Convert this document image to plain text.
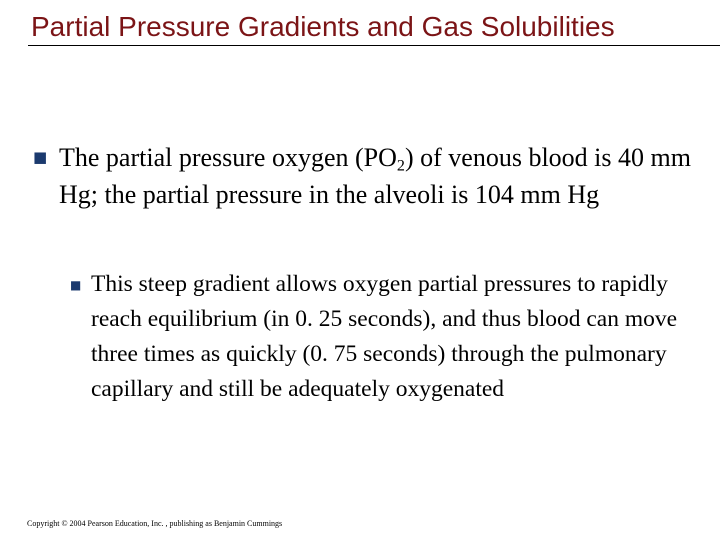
Partial Pressure Gradients and Gas Solubilities
■ The partial pressure oxygen $(PO_2)$ of venous blood is 40 mm Hg; the partial pressure in the alveoli is 104 mm Hg
■ This steep gradient allows oxygen partial pressures to rapidly reach equilibrium (in 0. 25 seconds), and thus blood can move three times as quickly (0. 75 seconds) through the pulmonary capillary and still be adequately oxygenated
Copyright © 2004 Pearson Education, Inc. , publishing as Benjamin Cummings
